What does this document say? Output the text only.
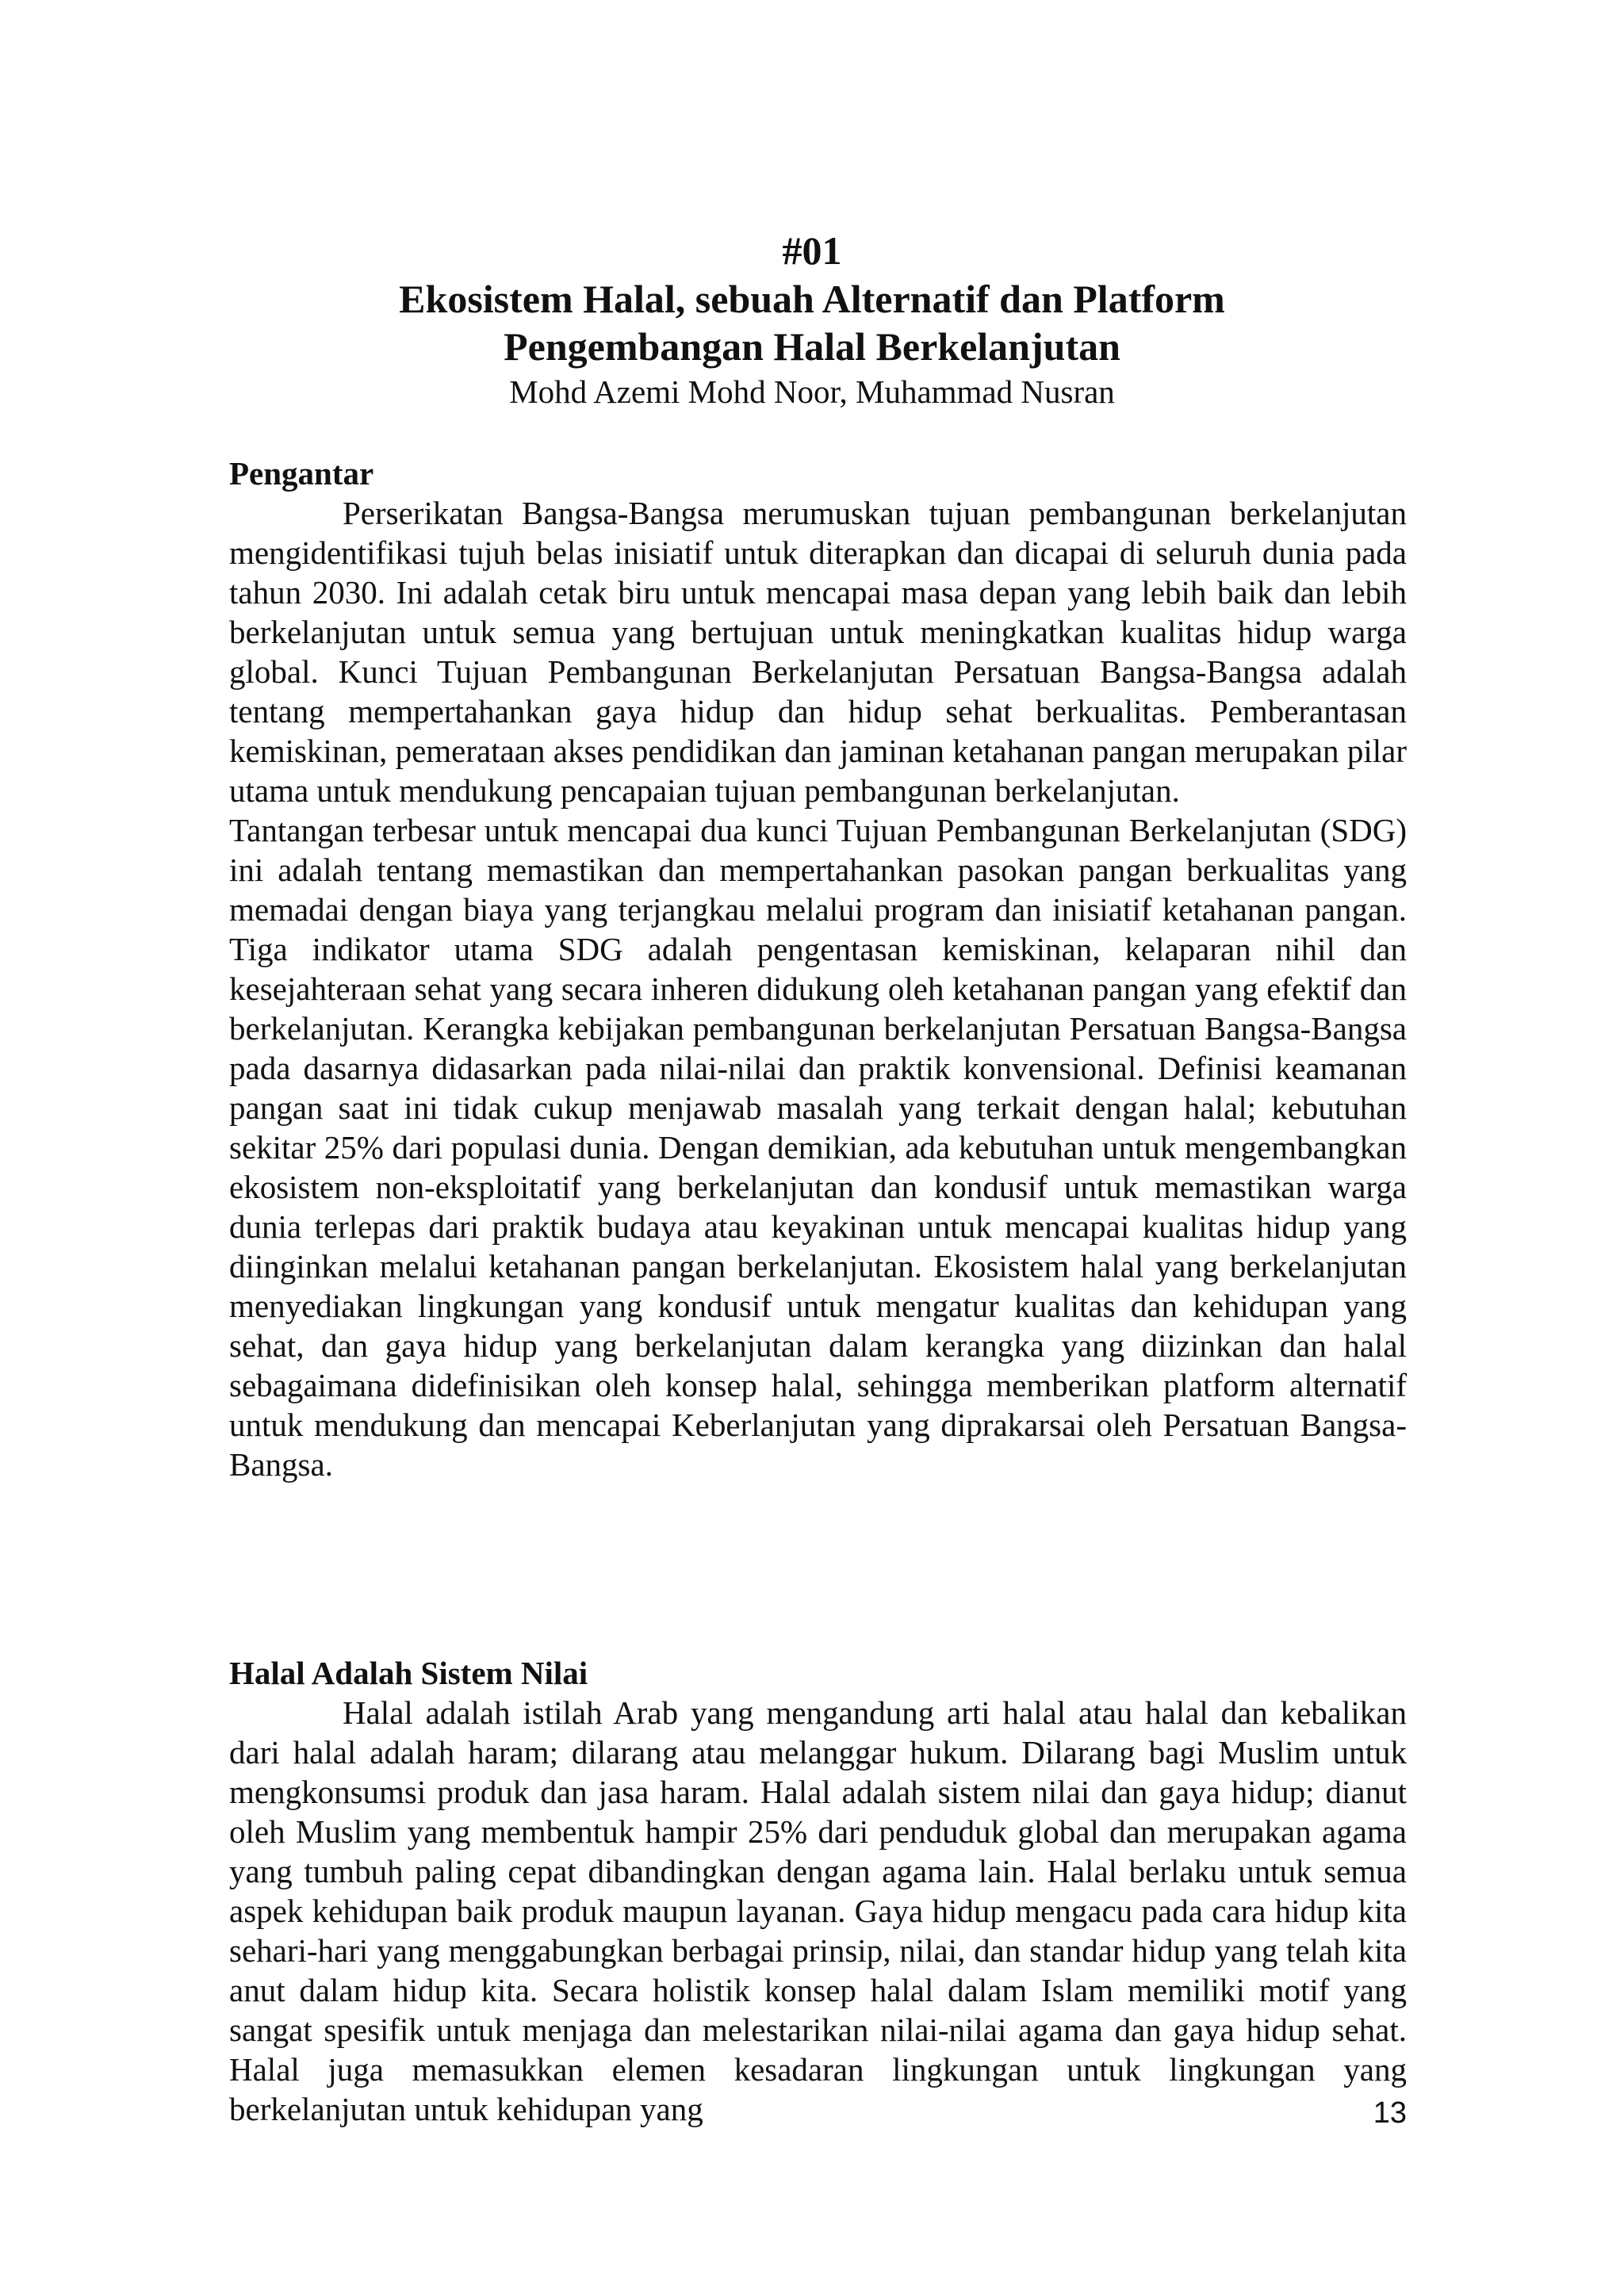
#01
Ekosistem Halal, sebuah Alternatif dan Platform
Pengembangan Halal Berkelanjutan
Mohd Azemi Mohd Noor, Muhammad Nusran
Pengantar

Perserikatan Bangsa-Bangsa merumuskan tujuan pembangunan berkelanjutan mengidentifikasi tujuh belas inisiatif untuk diterapkan dan dicapai di seluruh dunia pada tahun 2030. Ini adalah cetak biru untuk mencapai masa depan yang lebih baik dan lebih berkelanjutan untuk semua yang bertujuan untuk meningkatkan kualitas hidup warga global. Kunci Tujuan Pembangunan Berkelanjutan Persatuan Bangsa-Bangsa adalah tentang mempertahankan gaya hidup dan hidup sehat berkualitas. Pemberantasan kemiskinan, pemerataan akses pendidikan dan jaminan ketahanan pangan merupakan pilar utama untuk mendukung pencapaian tujuan pembangunan berkelanjutan.

Tantangan terbesar untuk mencapai dua kunci Tujuan Pembangunan Berkelanjutan (SDG) ini adalah tentang memastikan dan mempertahankan pasokan pangan berkualitas yang memadai dengan biaya yang terjangkau melalui program dan inisiatif ketahanan pangan. Tiga indikator utama SDG adalah pengentasan kemiskinan, kelaparan nihil dan kesejahteraan sehat yang secara inheren didukung oleh ketahanan pangan yang efektif dan berkelanjutan. Kerangka kebijakan pembangunan berkelanjutan Persatuan Bangsa-Bangsa pada dasarnya didasarkan pada nilai-nilai dan praktik konvensional. Definisi keamanan pangan saat ini tidak cukup menjawab masalah yang terkait dengan halal; kebutuhan sekitar 25% dari populasi dunia. Dengan demikian, ada kebutuhan untuk mengembangkan ekosistem non-eksploitatif yang berkelanjutan dan kondusif untuk memastikan warga dunia terlepas dari praktik budaya atau keyakinan untuk mencapai kualitas hidup yang diinginkan melalui ketahanan pangan berkelanjutan. Ekosistem halal yang berkelanjutan menyediakan lingkungan yang kondusif untuk mengatur kualitas dan kehidupan yang sehat, dan gaya hidup yang berkelanjutan dalam kerangka yang diizinkan dan halal sebagaimana didefinisikan oleh konsep halal, sehingga memberikan platform alternatif untuk mendukung dan mencapai Keberlanjutan yang diprakarsai oleh Persatuan Bangsa-Bangsa.

Halal Adalah Sistem Nilai

Halal adalah istilah Arab yang mengandung arti halal atau halal dan kebalikan dari halal adalah haram; dilarang atau melanggar hukum. Dilarang bagi Muslim untuk mengkonsumsi produk dan jasa haram. Halal adalah sistem nilai dan gaya hidup; dianut oleh Muslim yang membentuk hampir 25% dari penduduk global dan merupakan agama yang tumbuh paling cepat dibandingkan dengan agama lain. Halal berlaku untuk semua aspek kehidupan baik produk maupun layanan. Gaya hidup mengacu pada cara hidup kita sehari-hari yang menggabungkan berbagai prinsip, nilai, dan standar hidup yang telah kita anut dalam hidup kita. Secara holistik konsep halal dalam Islam memiliki motif yang sangat spesifik untuk menjaga dan melestarikan nilai-nilai agama dan gaya hidup sehat. Halal juga memasukkan elemen kesadaran lingkungan untuk lingkungan yang berkelanjutan untuk kehidupan yang	13
